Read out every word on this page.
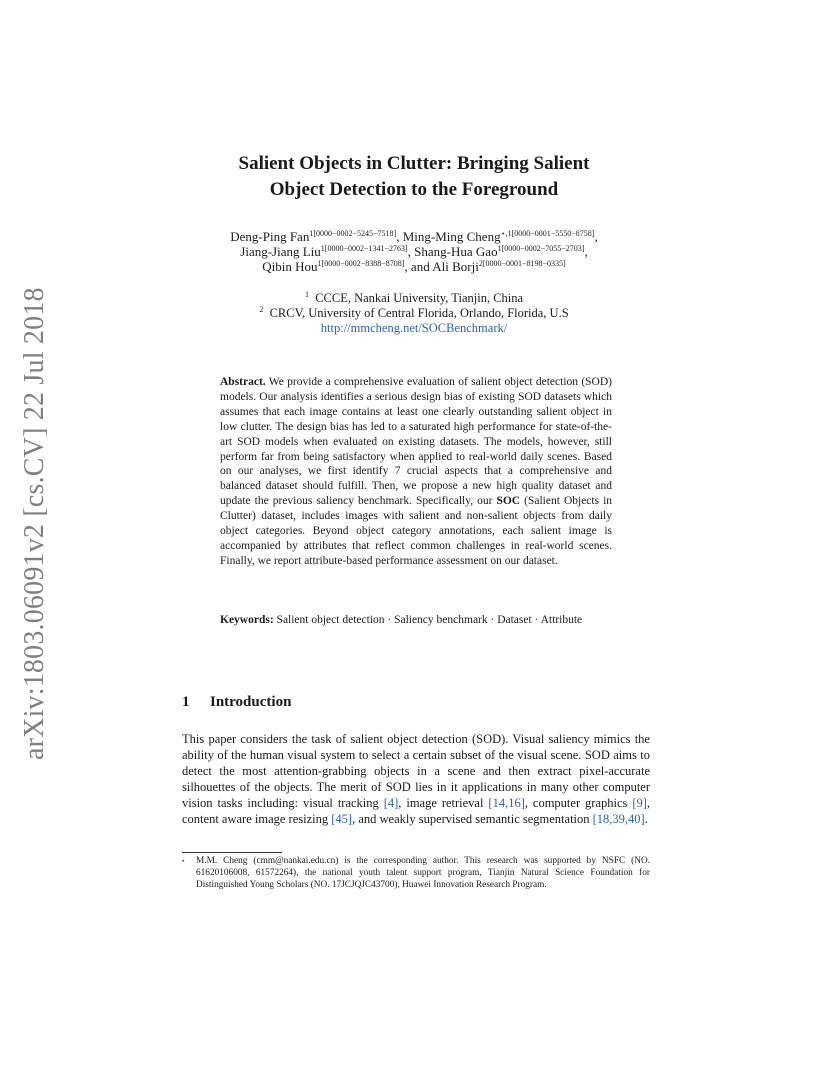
arXiv:1803.06091v2 [cs.CV] 22 Jul 2018
Salient Objects in Clutter: Bringing Salient
Object Detection to the Foreground
Deng-Ping Fan$^{1[0000-0002-5245-7518]}$, Ming-Ming Cheng$^{⋆,1[0000-0001-5550-8758]}$,
Jiang-Jiang Liu$^{1[0000-0002-1341-2763]}$, Shang-Hua Gao$^{1[0000-0002-7055-2703]}$,
Qibin Hou$^{1[0000-0002-8388-8708]}$, and Ali Borji$^{2[0000-0001-8198-0335]}$
$^1$ CCCE, Nankai University, Tianjin, China
$^2$ CRCV, University of Central Florida, Orlando, Florida, U.S
http://mmcheng.net/SOCBenchmark/
Abstract. We provide a comprehensive evaluation of salient object detection (SOD) models. Our analysis identifies a serious design bias of existing SOD datasets which assumes that each image contains at least one clearly outstanding salient object in low clutter. The design bias has led to a saturated high performance for state-of-the-art SOD models when evaluated on existing datasets. The models, however, still perform far from being satisfactory when applied to real-world daily scenes. Based on our analyses, we first identify 7 crucial aspects that a comprehensive and balanced dataset should fulfill. Then, we propose a new high quality dataset and update the previous saliency benchmark. Specifically, our SOC (Salient Objects in Clutter) dataset, includes images with salient and non-salient objects from daily object categories. Beyond object category annotations, each salient image is accompanied by attributes that reflect common challenges in real-world scenes. Finally, we report attribute-based performance assessment on our dataset.
Keywords: Salient object detection · Saliency benchmark · Dataset · Attribute
1 Introduction
This paper considers the task of salient object detection (SOD). Visual saliency mimics the ability of the human visual system to select a certain subset of the visual scene. SOD aims to detect the most attention-grabbing objects in a scene and then extract pixel-accurate silhouettes of the objects. The merit of SOD lies in it applications in many other computer vision tasks including: visual tracking [4], image retrieval [14,16], computer graphics [9], content aware image resizing [45], and weakly supervised semantic segmentation [18,39,40].
⋆	M.M. Cheng (cmm@nankai.edu.cn) is the corresponding author. This research was supported by NSFC (NO. 61620106008, 61572264), the national youth talent support program, Tianjin Natural Science Foundation for Distinguished Young Scholars (NO. 17JCJQJC43700), Huawei Innovation Research Program.
